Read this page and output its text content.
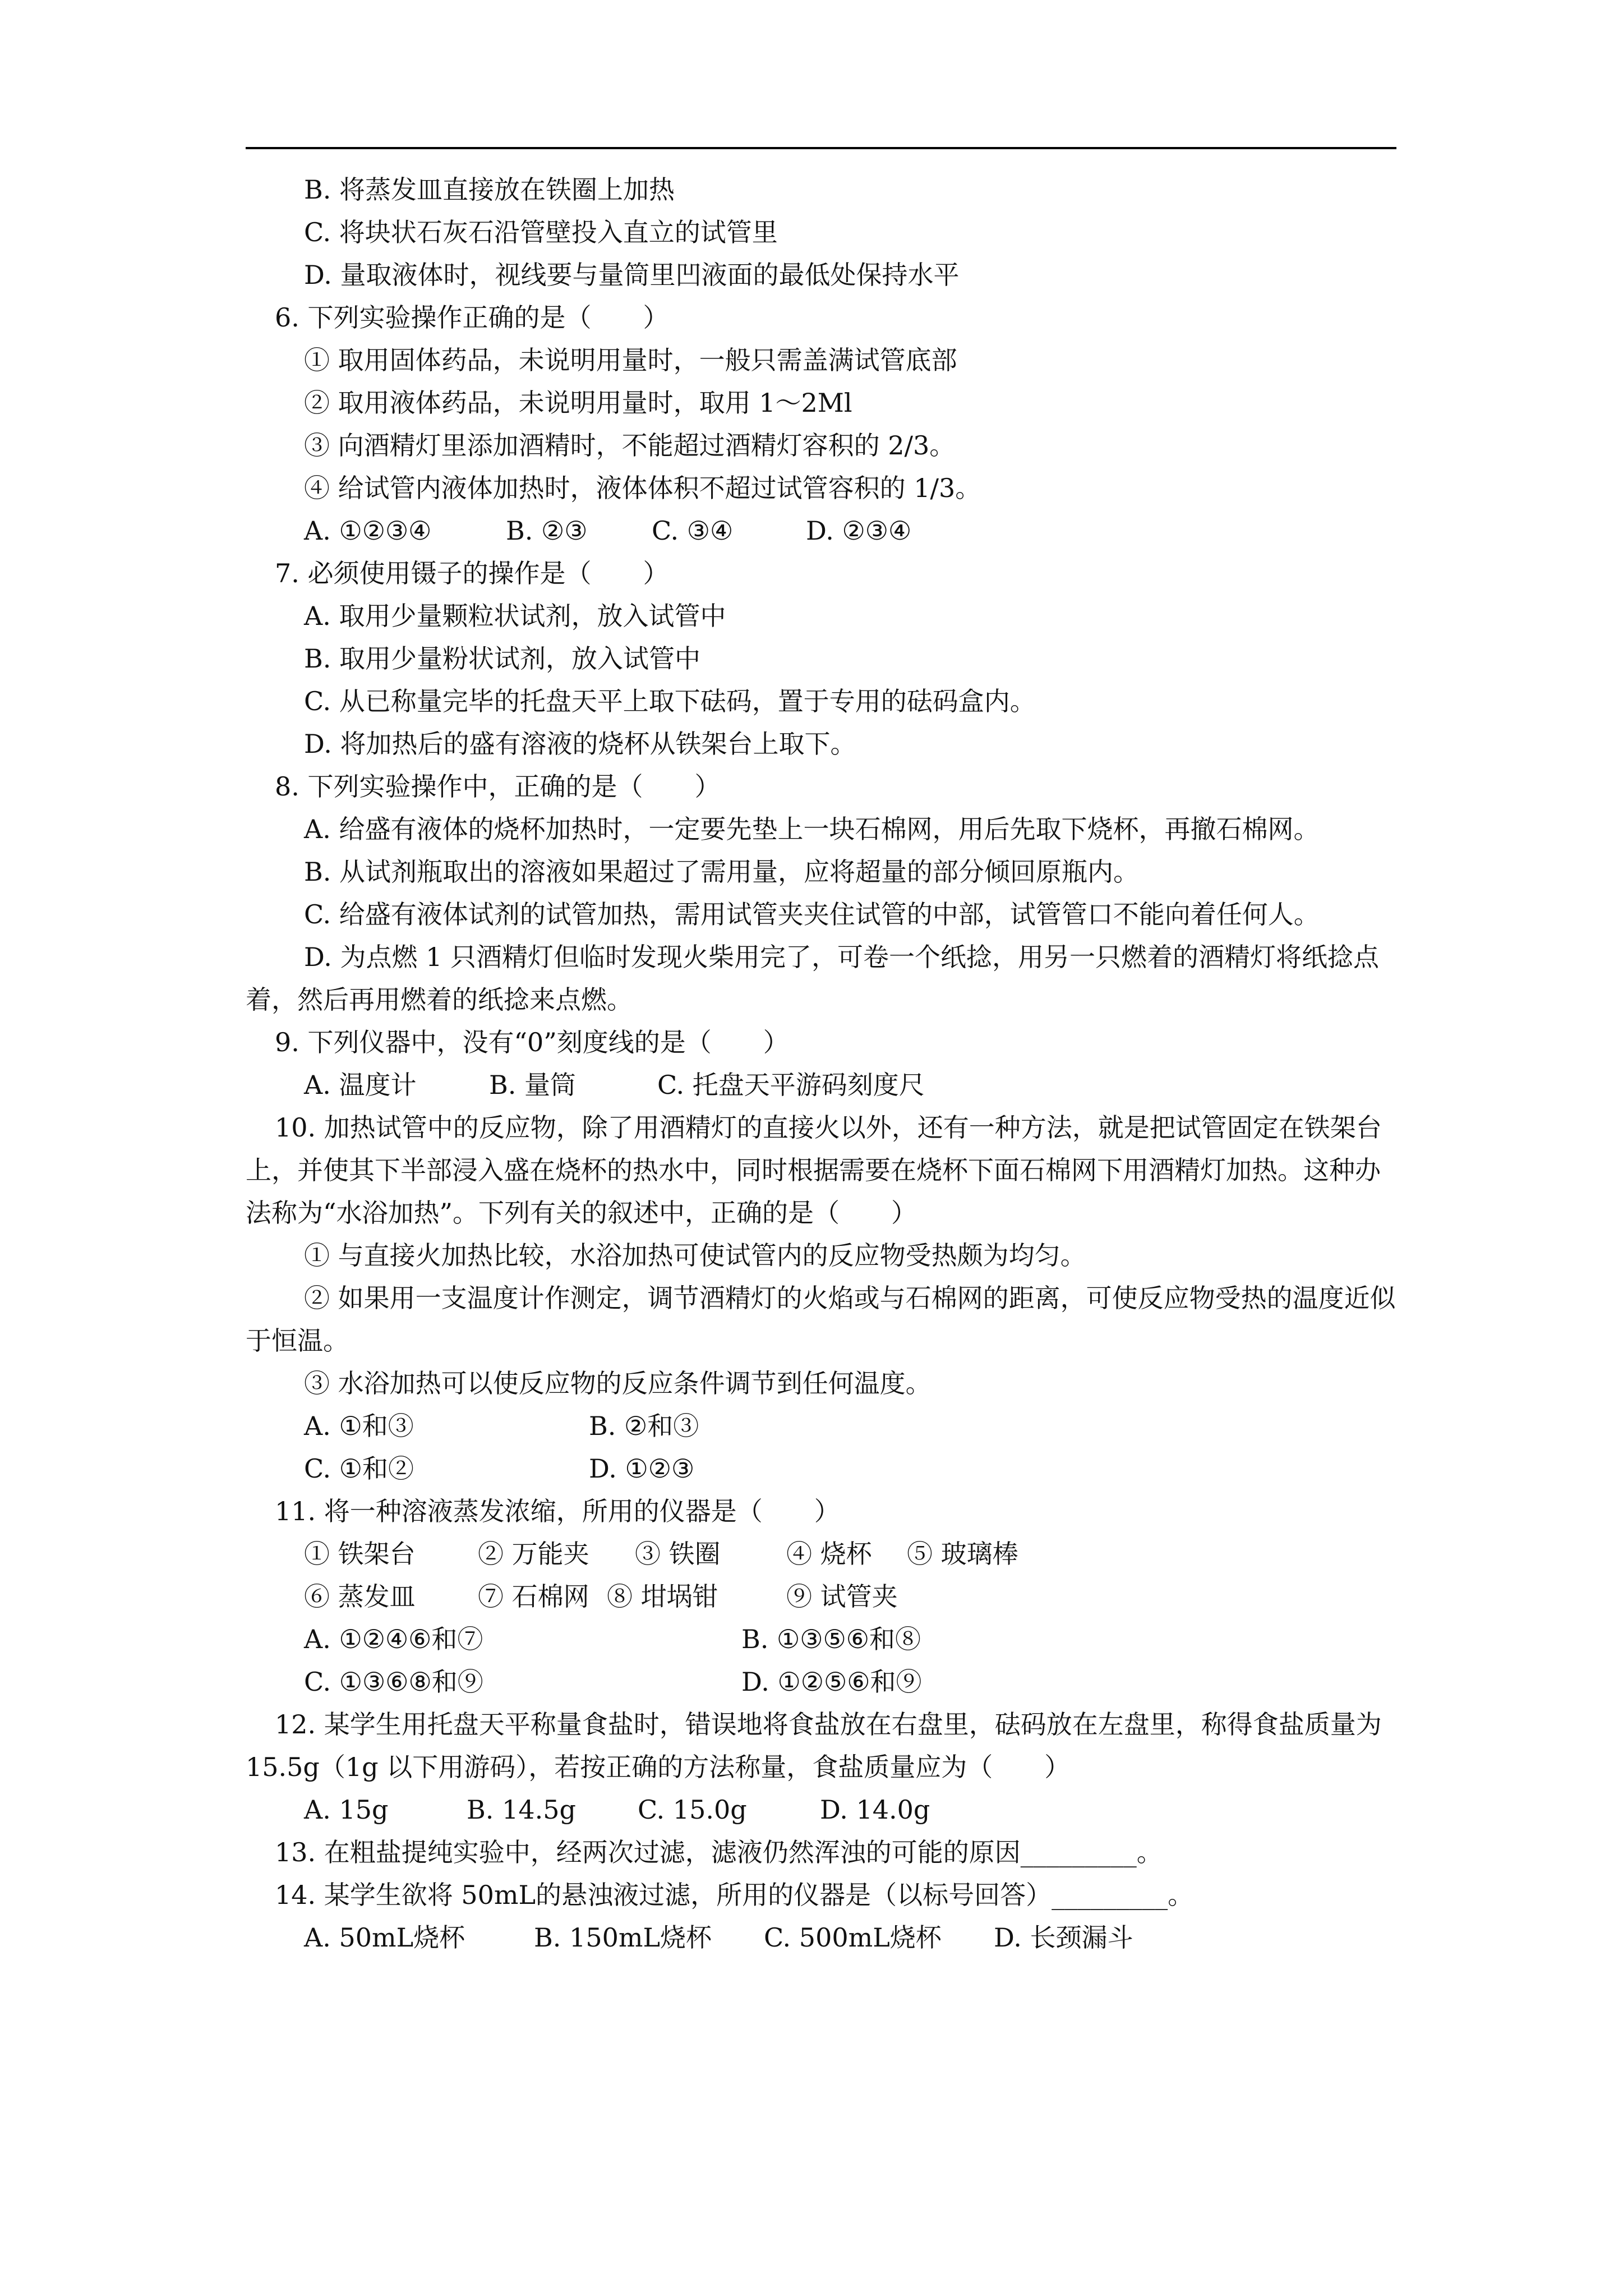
B. 将蒸发皿直接放在铁圈上加热
C. 将块状石灰石沿管壁投入直立的试管里
D. 量取液体时，视线要与量筒里凹液面的最低处保持水平
6. 下列实验操作正确的是（　　）
① 取用固体药品，未说明用量时，一般只需盖满试管底部
② 取用液体药品，未说明用量时，取用 1～2Ml
③ 向酒精灯里添加酒精时，不能超过酒精灯容积的 2/3。
④ 给试管内液体加热时，液体体积不超过试管容积的 1/3。
A. ①②③④	B. ②③	C. ③④	D. ②③④
7. 必须使用镊子的操作是（　　）
A. 取用少量颗粒状试剂，放入试管中
B. 取用少量粉状试剂，放入试管中
C. 从已称量完毕的托盘天平上取下砝码，置于专用的砝码盒内。
D. 将加热后的盛有溶液的烧杯从铁架台上取下。
8. 下列实验操作中，正确的是（　　）
A. 给盛有液体的烧杯加热时，一定要先垫上一块石棉网，用后先取下烧杯，再撤石棉网。
B. 从试剂瓶取出的溶液如果超过了需用量，应将超量的部分倾回原瓶内。
C. 给盛有液体试剂的试管加热，需用试管夹夹住试管的中部，试管管口不能向着任何人。
D. 为点燃 1 只酒精灯但临时发现火柴用完了，可卷一个纸捻，用另一只燃着的酒精灯将纸捻点着，然后再用燃着的纸捻来点燃。
9. 下列仪器中，没有“0”刻度线的是（　　）
A. 温度计	B. 量筒	C. 托盘天平游码刻度尺
10. 加热试管中的反应物，除了用酒精灯的直接火以外，还有一种方法，就是把试管固定在铁架台上，并使其下半部浸入盛在烧杯的热水中，同时根据需要在烧杯下面石棉网下用酒精灯加热。这种办法称为“水浴加热”。下列有关的叙述中，正确的是（　　）
① 与直接火加热比较，水浴加热可使试管内的反应物受热颇为均匀。
② 如果用一支温度计作测定，调节酒精灯的火焰或与石棉网的距离，可使反应物受热的温度近似于恒温。
③ 水浴加热可以使反应物的反应条件调节到任何温度。
A. ①和③	B. ②和③
C. ①和②	D. ①②③
11. 将一种溶液蒸发浓缩，所用的仪器是（　　）
① 铁架台	② 万能夹	③ 铁圈	④ 烧杯	⑤ 玻璃棒
⑥ 蒸发皿	⑦ 石棉网 ⑧ 坩埚钳	⑨ 试管夹
A. ①②④⑥和⑦	B. ①③⑤⑥和⑧
C. ①③⑥⑧和⑨	D. ①②⑤⑥和⑨
12. 某学生用托盘天平称量食盐时，错误地将食盐放在右盘里，砝码放在左盘里，称得食盐质量为 15.5g（1g 以下用游码），若按正确的方法称量，食盐质量应为（　　）
A. 15g	B. 14.5g	C. 15.0g	D. 14.0g
13. 在粗盐提纯实验中，经两次过滤，滤液仍然浑浊的可能的原因_________。
14. 某学生欲将 50mL的悬浊液过滤，所用的仪器是（以标号回答）_________。
A. 50mL烧杯	B. 150mL烧杯	C. 500mL烧杯	D. 长颈漏斗
